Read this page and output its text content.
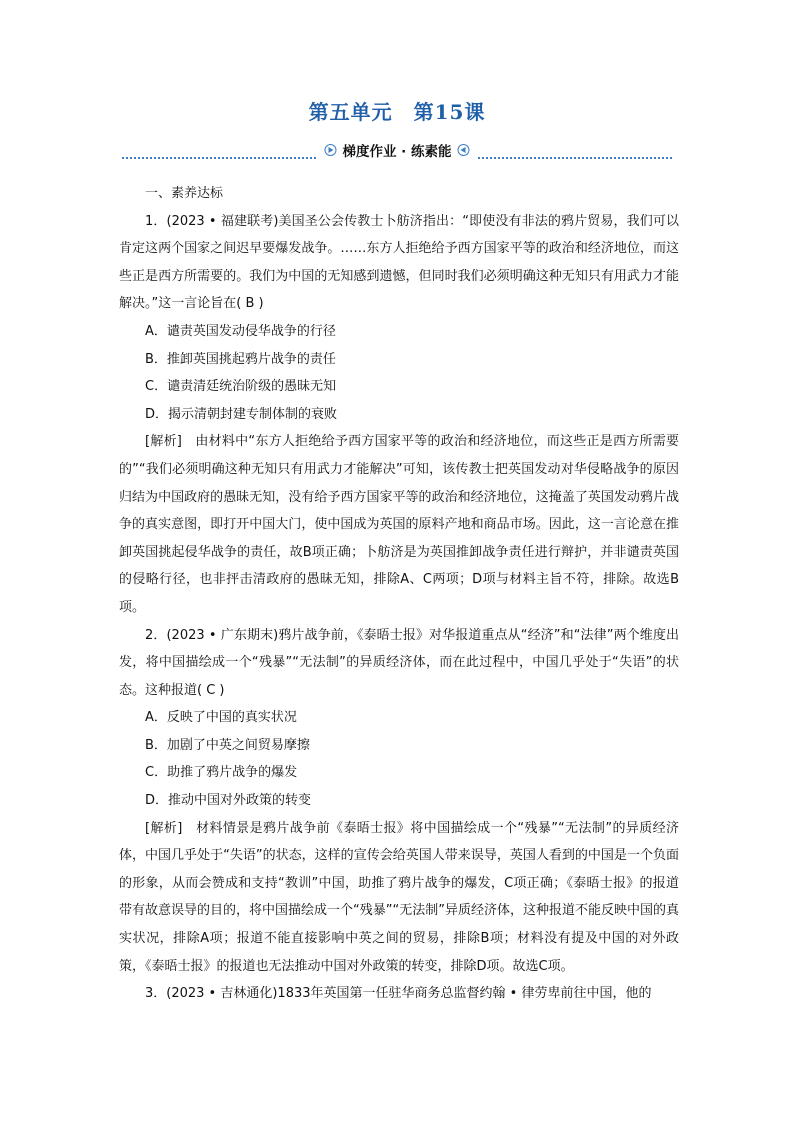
第五单元　第15课
梯度作业 · 练素能

一、素养达标

1．(2023 • 福建联考)美国圣公会传教士卜舫济指出：“即使没有非法的鸦片贸易，我们可以肯定这两个国家之间迟早要爆发战争。……东方人拒绝给予西方国家平等的政治和经济地位，而这些正是西方所需要的。我们为中国的无知感到遗憾，但同时我们必须明确这种无知只有用武力才能解决。”这一言论旨在( B )

A．谴责英国发动侵华战争的行径

B．推卸英国挑起鸦片战争的责任

C．谴责清廷统治阶级的愚昧无知

D．揭示清朝封建专制体制的衰败

[解析]　由材料中“东方人拒绝给予西方国家平等的政治和经济地位，而这些正是西方所需要的”“我们必须明确这种无知只有用武力才能解决”可知，该传教士把英国发动对华侵略战争的原因归结为中国政府的愚昧无知，没有给予西方国家平等的政治和经济地位，这掩盖了英国发动鸦片战争的真实意图，即打开中国大门，使中国成为英国的原料产地和商品市场。因此，这一言论意在推卸英国挑起侵华战争的责任，故B项正确；卜舫济是为英国推卸战争责任进行辩护，并非谴责英国的侵略行径，也非抨击清政府的愚昧无知，排除A、C两项；D项与材料主旨不符，排除。故选B项。

2．(2023 • 广东期末)鸦片战争前，《泰晤士报》对华报道重点从“经济”和“法律”两个维度出发，将中国描绘成一个“残暴”“无法制”的异质经济体，而在此过程中，中国几乎处于“失语”的状态。这种报道( C )

A．反映了中国的真实状况

B．加剧了中英之间贸易摩擦

C．助推了鸦片战争的爆发

D．推动中国对外政策的转变

[解析]　材料情景是鸦片战争前《泰晤士报》将中国描绘成一个“残暴”“无法制”的异质经济体，中国几乎处于“失语”的状态，这样的宣传会给英国人带来误导，英国人看到的中国是一个负面的形象，从而会赞成和支持“教训”中国，助推了鸦片战争的爆发，C项正确；《泰晤士报》的报道带有故意误导的目的，将中国描绘成一个“残暴”“无法制”异质经济体，这种报道不能反映中国的真实状况，排除A项；报道不能直接影响中英之间的贸易，排除B项；材料没有提及中国的对外政策，《泰晤士报》的报道也无法推动中国对外政策的转变，排除D项。故选C项。

3．(2023 • 吉林通化)1833年英国第一任驻华商务总监督约翰 • 律劳卑前往中国，他的
